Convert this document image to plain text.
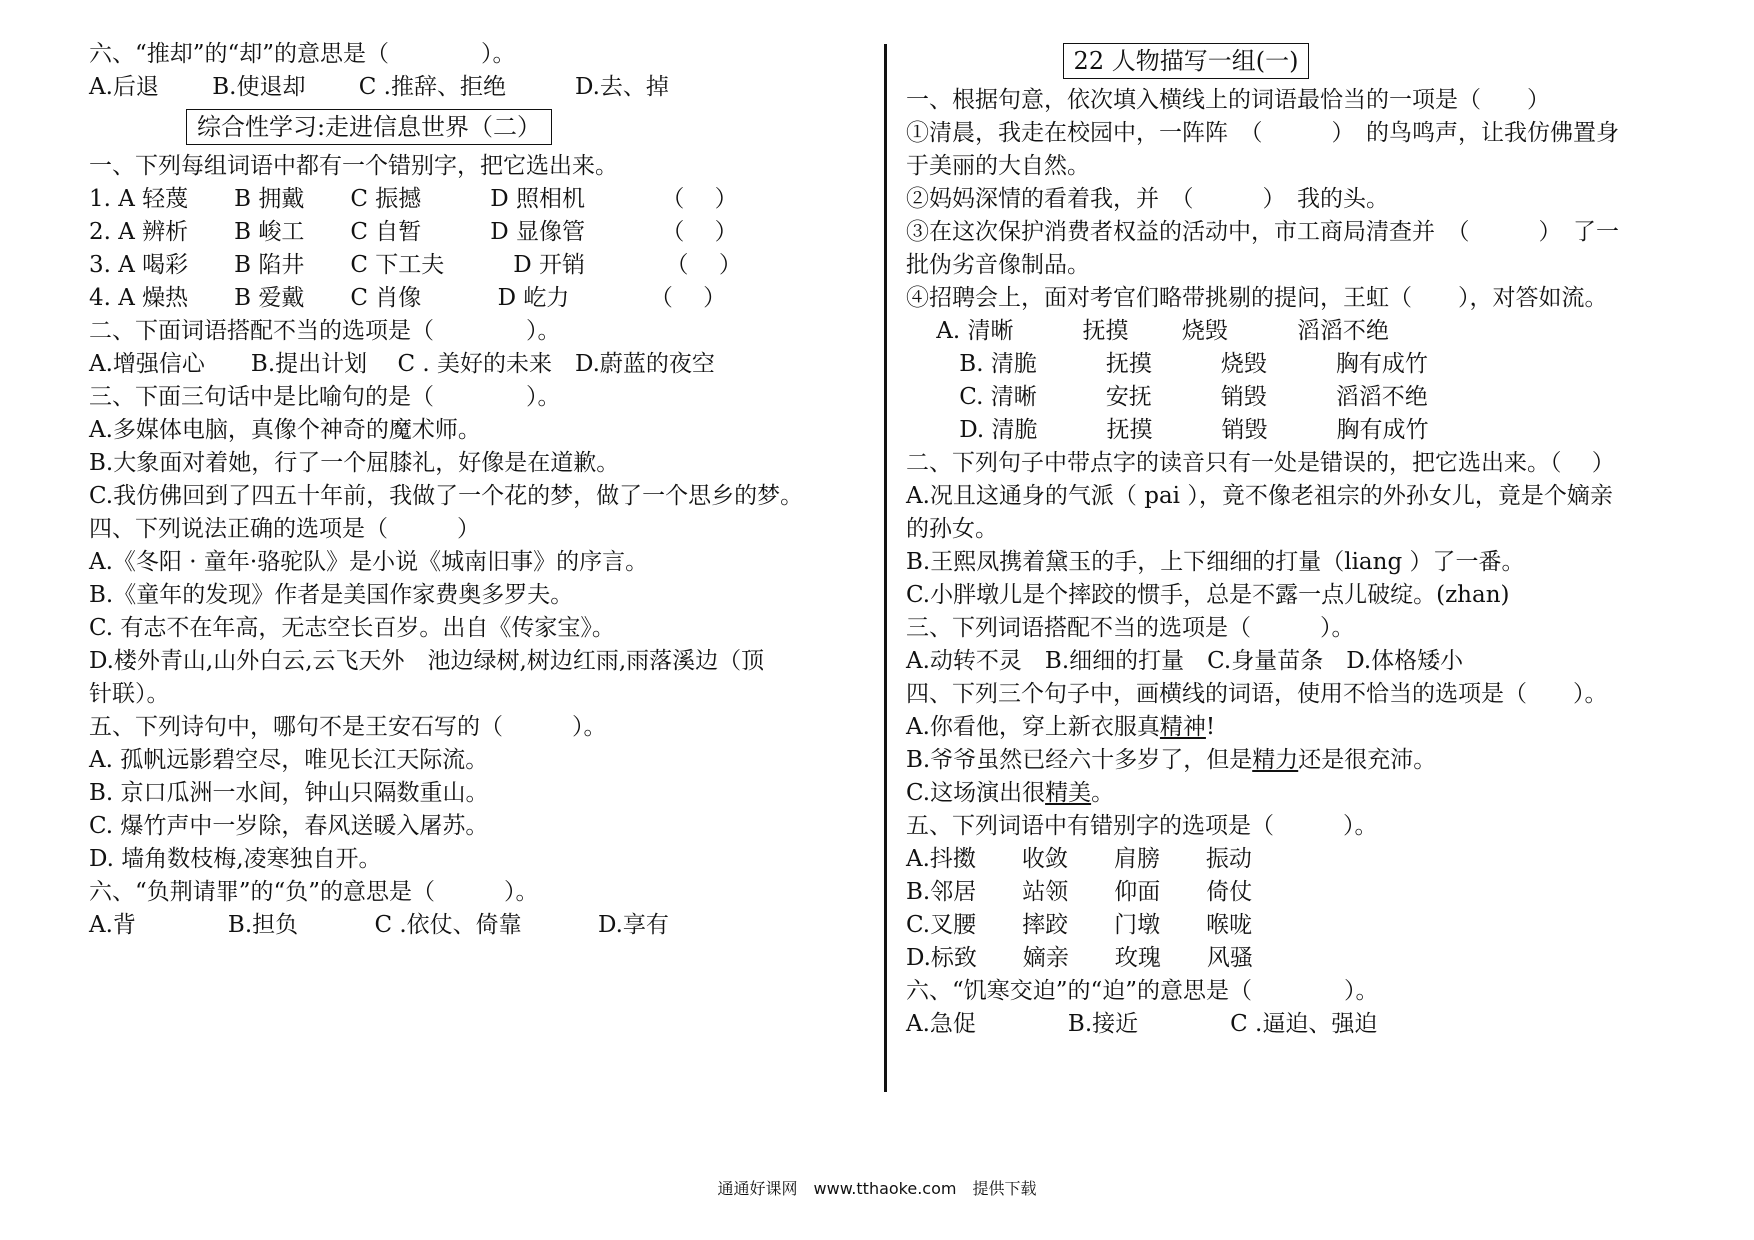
六、“推却”的“却”的意思是（　　　　）。
A.后退　　 B.使退却　　 C .推辞、拒绝　　　D.去、掉
综合性学习:走进信息世界（二）
一、下列每组词语中都有一个错别字，把它选出来。
1. A 轻蔑　　B 拥戴　　C 振撼　　　D 照相机　　　 （　 ）
2. A 辨析　　B 峻工　　C 自暂　　　D 显像管　　　 （　 ）
3. A 喝彩　　B 陷井　　C 下工夫　　　D 开销　　　　（　 ）
4. A 燥热　　B 爱戴　　C 肖像　　　 D 屹力　　　　（　 ）
二、下面词语搭配不当的选项是（　　　　）。
A.增强信心　　B.提出计划　 C . 美好的未来　D.蔚蓝的夜空
三、下面三句话中是比喻句的是（　　　　）。
A.多媒体电脑，真像个神奇的魔术师。
B.大象面对着她，行了一个屈膝礼，好像是在道歉。
C.我仿佛回到了四五十年前，我做了一个花的梦，做了一个思乡的梦。
四、下列说法正确的选项是（　　　）
A.《冬阳 · 童年·骆驼队》是小说《城南旧事》的序言。
B.《童年的发现》作者是美国作家费奥多罗夫。
C. 有志不在年高，无志空长百岁。出自《传家宝》。
D.楼外青山,山外白云,云飞天外　池边绿树,树边红雨,雨落溪边（顶
针联）。
五、下列诗句中，哪句不是王安石写的（　　　）。
A. 孤帆远影碧空尽，唯见长江天际流。
B. 京口瓜洲一水间，钟山只隔数重山。
C. 爆竹声中一岁除，春风送暖入屠苏。
D. 墙角数枝梅,凌寒独自开。
六、“负荆请罪”的“负”的意思是（　　　）。
A.背　　　　B.担负　　　 C .依仗、倚靠　　　 D.享有
22 人物描写一组(一)
一、根据句意，依次填入横线上的词语最恰当的一项是（　　）
①清晨，我走在校园中，一阵阵　（　　　）　的鸟鸣声，让我仿佛置身
于美丽的大自然。
②妈妈深情的看着我，并　（　　　）　我的头。
③在这次保护消费者权益的活动中，市工商局清查并　（　　　）　了一
批伪劣音像制品。
④招聘会上，面对考官们略带挑剔的提问，王虹（　　），对答如流。
　 A. 清晰　　　抚摸　　 烧毁　　　滔滔不绝
　　 B. 清脆　　　抚摸　　　烧毁　　　胸有成竹
　　 C. 清晰　　　安抚　　　销毁　　　滔滔不绝
　　 D. 清脆　　　抚摸　　　销毁　　　胸有成竹
二、下列句子中带点字的读音只有一处是错误的，把它选出来。（　 ）
A.况且这通身的气派（ pai ），竟不像老祖宗的外孙女儿，竟是个嫡亲
的孙女。
B.王熙凤携着黛玉的手，上下细细的打量（liang ）了一番。
C.小胖墩儿是个摔跤的惯手，总是不露一点儿破绽。(zhan)
三、下列词语搭配不当的选项是（　　　）。
A.动转不灵　B.细细的打量　C.身量苗条　D.体格矮小
四、下列三个句子中，画横线的词语，使用不恰当的选项是（　　）。
A.你看他，穿上新衣服真精神!
B.爷爷虽然已经六十多岁了，但是精力还是很充沛。
C.这场演出很精美。
五、下列词语中有错别字的选项是（　　　）。
A.抖擞　　收敛　　肩膀　　振动
B.邻居　　站领　　仰面　　倚仗
C.叉腰　　摔跤　　门墩　　喉咙
D.标致　　嫡亲　　玫瑰　　风骚
六、“饥寒交迫”的“迫”的意思是（　　　　）。
A.急促　　　　B.接近　　　　C .逼迫、强迫
通通好课网　www.tthaoke.com　提供下载
